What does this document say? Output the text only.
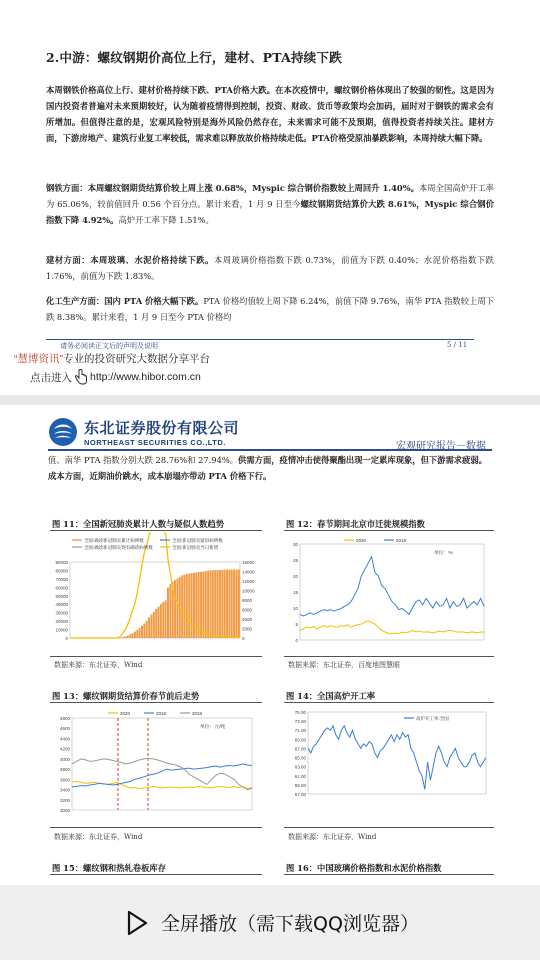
2.中游：螺纹钢期价高位上行，建材、PTA持续下跌
本周钢铁价格高位上行、建材价格持续下跌、PTA价格大跌。在本次疫情中，螺纹钢价格体现出了较强的韧性。这是因为国内投资者普遍对未来预期较好，认为随着疫情得到控制，投资、财政、货币等政策均会加码，届时对于钢铁的需求会有所增加。但值得注意的是，宏观风险特别是海外风险仍然存在，未来需求可能不及预期，值得投资者持续关注。建材方面，下游房地产、建筑行业复工率较低，需求难以释放故价格持续走低。PTA价格受原油暴跌影响，本周持续大幅下降。
钢铁方面：本周螺纹钢期货结算价较上周上涨 0.68%，Myspic 综合钢价指数较上周回升 1.40%。本周全国高炉开工率为 65.06%，较前值回升 0.56 个百分点。累计来看，1 月 9 日至今螺纹钢期货结算价大跌 8.61%，Myspic 综合钢价指数下降 4.92%。高炉开工率下降 1.51%。
建材方面：本周玻璃、水泥价格持续下跌。本周玻璃价格指数下跌 0.73%，前值为下跌 0.40%；水泥价格指数下跌 1.76%，前值为下跌 1.83%。
化工生产方面：国内 PTA 价格大幅下跌。PTA 价格均值较上周下降 6.24%，前值下降 9.76%，南华 PTA 指数较上周下跌 8.38%。累计来看，1 月 9 日至今 PTA 价格均
请务必阅读正文后的声明及说明	5 / 11
“慧博资讯”专业的投资研究大数据分享平台
点击进入 http://www.hibor.com.cn
东北证券股份有限公司
NORTHEAST SECURITIES CO.,LTD.	宏观研究报告－数据
值、南华 PTA 指数分别大跌 28.76%和 27.94%。供需方面，疫情冲击使得聚酯出现一定累库现象，但下游需求疲弱。成本方面，近期油价跳水，成本崩塌亦带动 PTA 价格下行。
图 11：全国新冠肺炎累计人数与疑似人数趋势
0
10000
20000
30000
40000
50000
60000
70000
80000
90000
0
2000
4000
6000
8000
10000
12000
14000
16000
全国:确诊新冠肺炎累计病例数	全国:新冠肺炎疑似病例数
全国:确诊新冠肺炎现有确诊病例数	全国:新冠肺炎当日新增
数据来源：东北证券，Wind
图 12：春节期间北京市迁徙规模指数
0
5
10
15
20
25
30
2020	2019
单位：%
数据来源：东北证券，百度地图慧眼
图 13：螺纹钢期货结算价春节前后走势
3000
3200
3400
3600
3800
4000
4200
4400
4600
4800
2020	2019	2018
单位：元/吨
数据来源：东北证券，Wind
图 14：全国高炉开工率
57.00
59.00
61.00
63.00
65.00
67.00
69.00
71.00
73.00
75.00
高炉开工率:全国
数据来源：东北证券，Wind
图 15：螺纹钢和热轧卷板库存	图 16：中国玻璃价格指数和水泥价格指数
全屏播放（需下载QQ浏览器）
